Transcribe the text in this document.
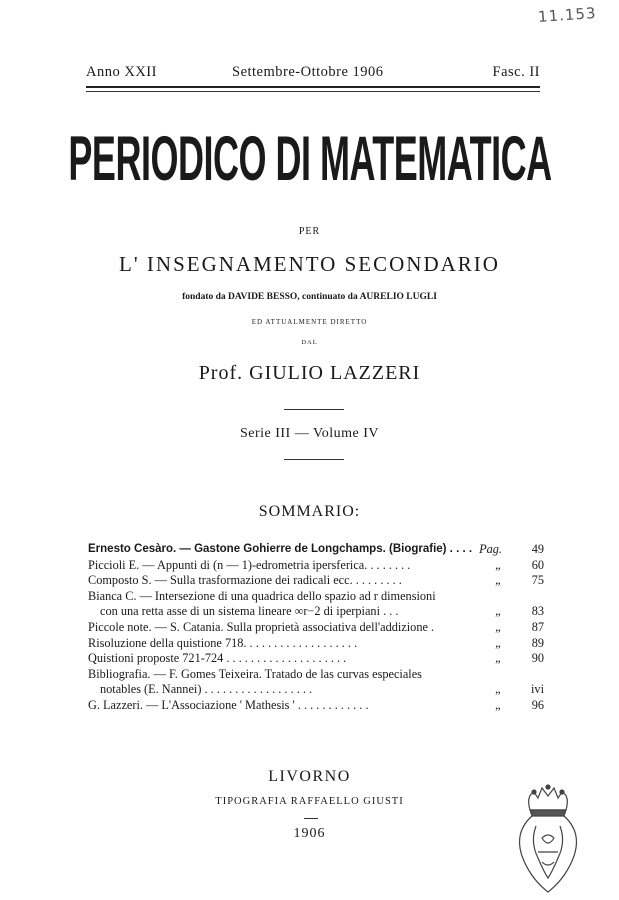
11.153
Anno XXII	Settembre-Ottobre 1906	Fasc. II
PERIODICO DI MATEMATICA
PER
L' INSEGNAMENTO SECONDARIO
fondato da DAVIDE BESSO, continuato da AURELIO LUGLI
ED ATTUALMENTE DIRETTO
DAL
Prof. GIULIO LAZZERI
Serie III — Volume IV
SOMMARIO:
Ernesto Cesàro. — Gastone Gohierre de Longchamps. (Biografie) . . . . Pag.	49
Piccioli E. — Appunti di (n — 1)-edrometria ipersferica. . . . . . . .	„	60
Composto S. — Sulla trasformazione dei radicali ecc. . . . . . . . .	„	75
Bianca C. — Intersezione di una quadrica dello spazio ad r dimensioni
con una retta asse di un sistema lineare ∞r−2 di iperpiani . . .	„	83
Piccole note. — S. Catania. Sulla proprietà associativa dell'addizione .	„	87
Risoluzione della quistione 718. . . . . . . . . . . . . . . . . . .	„	89
Quistioni proposte 721-724 . . . . . . . . . . . . . . . . . . . .	„	90
Bibliografia. — F. Gomes Teixeira. Tratado de las curvas especiales
notables (E. Nannei) . . . . . . . . . . . . . . . . . .	„	ivi
G. Lazzeri. — L'Associazione ' Mathesis ' . . . . . . . . . . . .	„	96
LIVORNO
TIPOGRAFIA RAFFAELLO GIUSTI
1906
